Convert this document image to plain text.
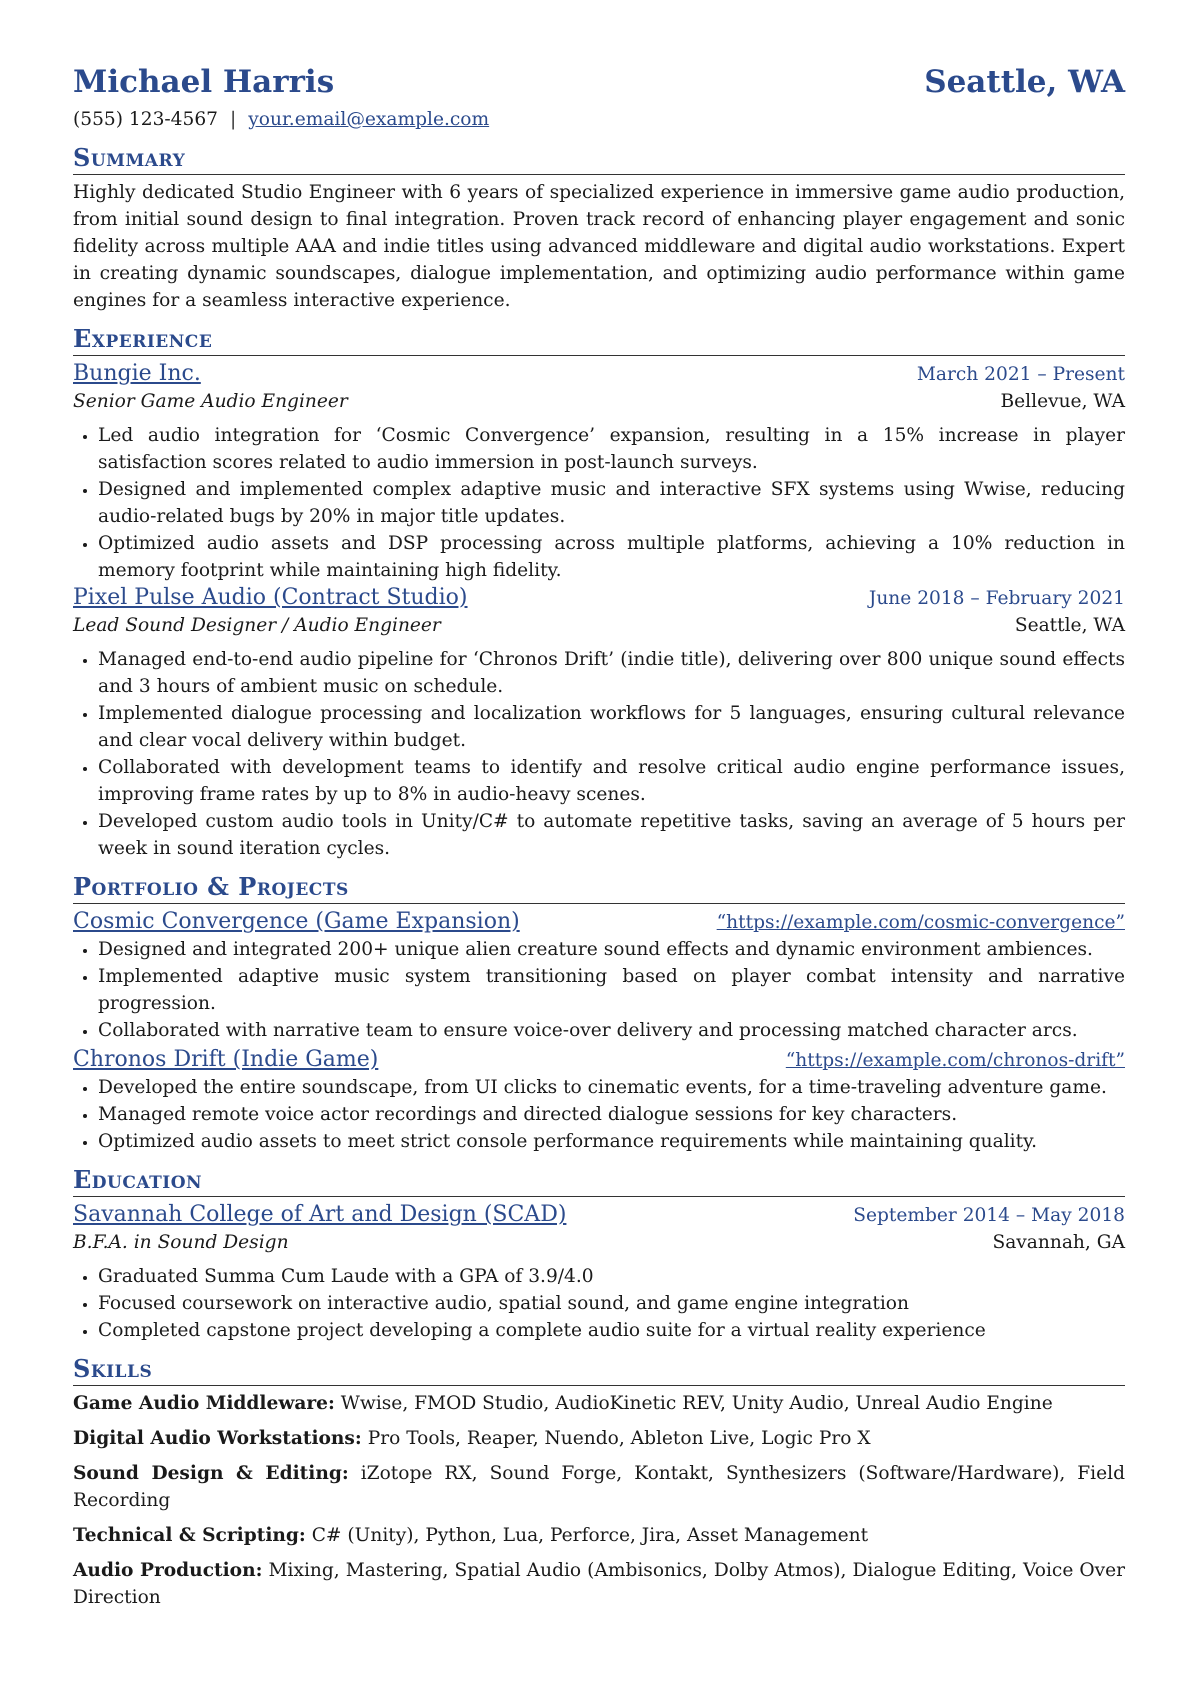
Michael Harris	Seattle, WA
(555) 123-4567 | your.email@example.com
Summary

Highly dedicated Studio Engineer with 6 years of specialized experience in immersive game audio production, from initial sound design to final integration. Proven track record of enhancing player engagement and sonic fidelity across multiple AAA and indie titles using advanced middleware and digital audio workstations. Expert in creating dynamic soundscapes, dialogue implementation, and optimizing audio performance within game engines for a seamless interactive experience.

Experience
Bungie Inc.	March 2021 – Present
Senior Game Audio Engineer	Bellevue, WA
• Led audio integration for ‘Cosmic Convergence’ expansion, resulting in a 15% increase in player satisfaction scores related to audio immersion in post-launch surveys.
• Designed and implemented complex adaptive music and interactive SFX systems using Wwise, reducing audio-related bugs by 20% in major title updates.
• Optimized audio assets and DSP processing across multiple platforms, achieving a 10% reduction in memory footprint while maintaining high fidelity.
Pixel Pulse Audio (Contract Studio)	June 2018 – February 2021
Lead Sound Designer / Audio Engineer	Seattle, WA
• Managed end-to-end audio pipeline for ‘Chronos Drift’ (indie title), delivering over 800 unique sound effects and 3 hours of ambient music on schedule.
• Implemented dialogue processing and localization workflows for 5 languages, ensuring cultural relevance and clear vocal delivery within budget.
• Collaborated with development teams to identify and resolve critical audio engine performance issues, improving frame rates by up to 8% in audio-heavy scenes.
• Developed custom audio tools in Unity/C# to automate repetitive tasks, saving an average of 5 hours per week in sound iteration cycles.
Portfolio & Projects
Cosmic Convergence (Game Expansion)	“https://example.com/cosmic-convergence”
• Designed and integrated 200+ unique alien creature sound effects and dynamic environment ambiences.
• Implemented adaptive music system transitioning based on player combat intensity and narrative progression.
• Collaborated with narrative team to ensure voice-over delivery and processing matched character arcs.
Chronos Drift (Indie Game)	“https://example.com/chronos-drift”
• Developed the entire soundscape, from UI clicks to cinematic events, for a time-traveling adventure game.
• Managed remote voice actor recordings and directed dialogue sessions for key characters.
• Optimized audio assets to meet strict console performance requirements while maintaining quality.
Education
Savannah College of Art and Design (SCAD)	September 2014 – May 2018
B.F.A. in Sound Design	Savannah, GA
• Graduated Summa Cum Laude with a GPA of 3.9/4.0
• Focused coursework on interactive audio, spatial sound, and game engine integration
• Completed capstone project developing a complete audio suite for a virtual reality experience
Skills

Game Audio Middleware: Wwise, FMOD Studio, AudioKinetic REV, Unity Audio, Unreal Audio Engine

Digital Audio Workstations: Pro Tools, Reaper, Nuendo, Ableton Live, Logic Pro X

Sound Design & Editing: iZotope RX, Sound Forge, Kontakt, Synthesizers (Software/Hardware), Field Recording

Technical & Scripting: C# (Unity), Python, Lua, Perforce, Jira, Asset Management

Audio Production: Mixing, Mastering, Spatial Audio (Ambisonics, Dolby Atmos), Dialogue Editing, Voice Over Direction
